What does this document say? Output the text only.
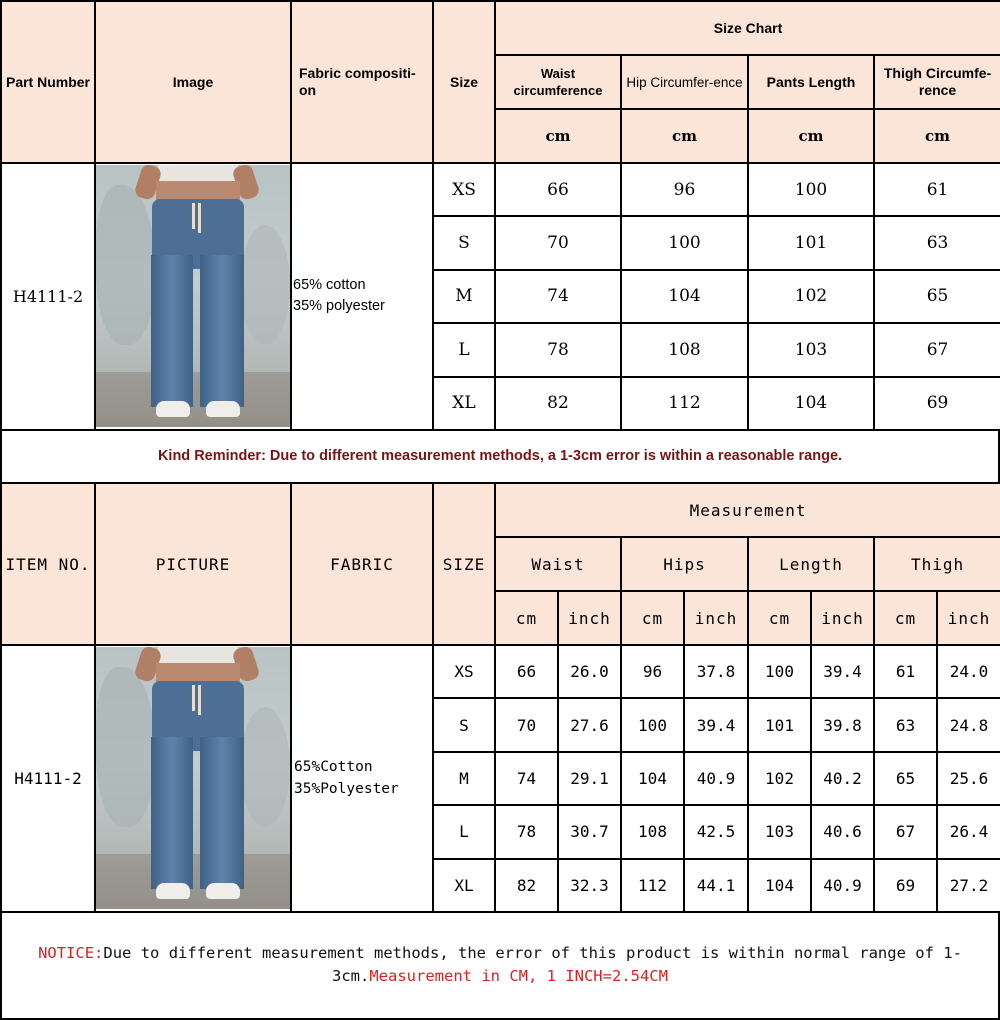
Part Number	Image	Fabric compositi-on	Size	Size Chart			
				Waist circumference	Hip Circumfer-ence	Pants Length	Thigh Circumfe-rence
				cm	cm	cm	cm
H4111-2		65% cotton
35% polyester	XS	66	96	100	61
			S	70	100	101	63
			M	74	104	102	65
			L	78	108	103	67
			XL	82	112	104	69
Kind Reminder: Due to different measurement methods, a 1-3cm error is within a reasonable range.
ITEM NO.	PICTURE	FABRIC	SIZE	Measurement							
				Waist		Hips		Length		Thigh	
				cm	inch	cm	inch	cm	inch	cm	inch
H4111-2		65%Cotton
35%Polyester	XS	66	26.0	96	37.8	100	39.4	61	24.0
			S	70	27.6	100	39.4	101	39.8	63	24.8
			M	74	29.1	104	40.9	102	40.2	65	25.6
			L	78	30.7	108	42.5	103	40.6	67	26.4
			XL	82	32.3	112	44.1	104	40.9	69	27.2
NOTICE:Due to different measurement methods, the error of this product is within normal range of 1-3cm.Measurement in CM, 1 INCH=2.54CM
